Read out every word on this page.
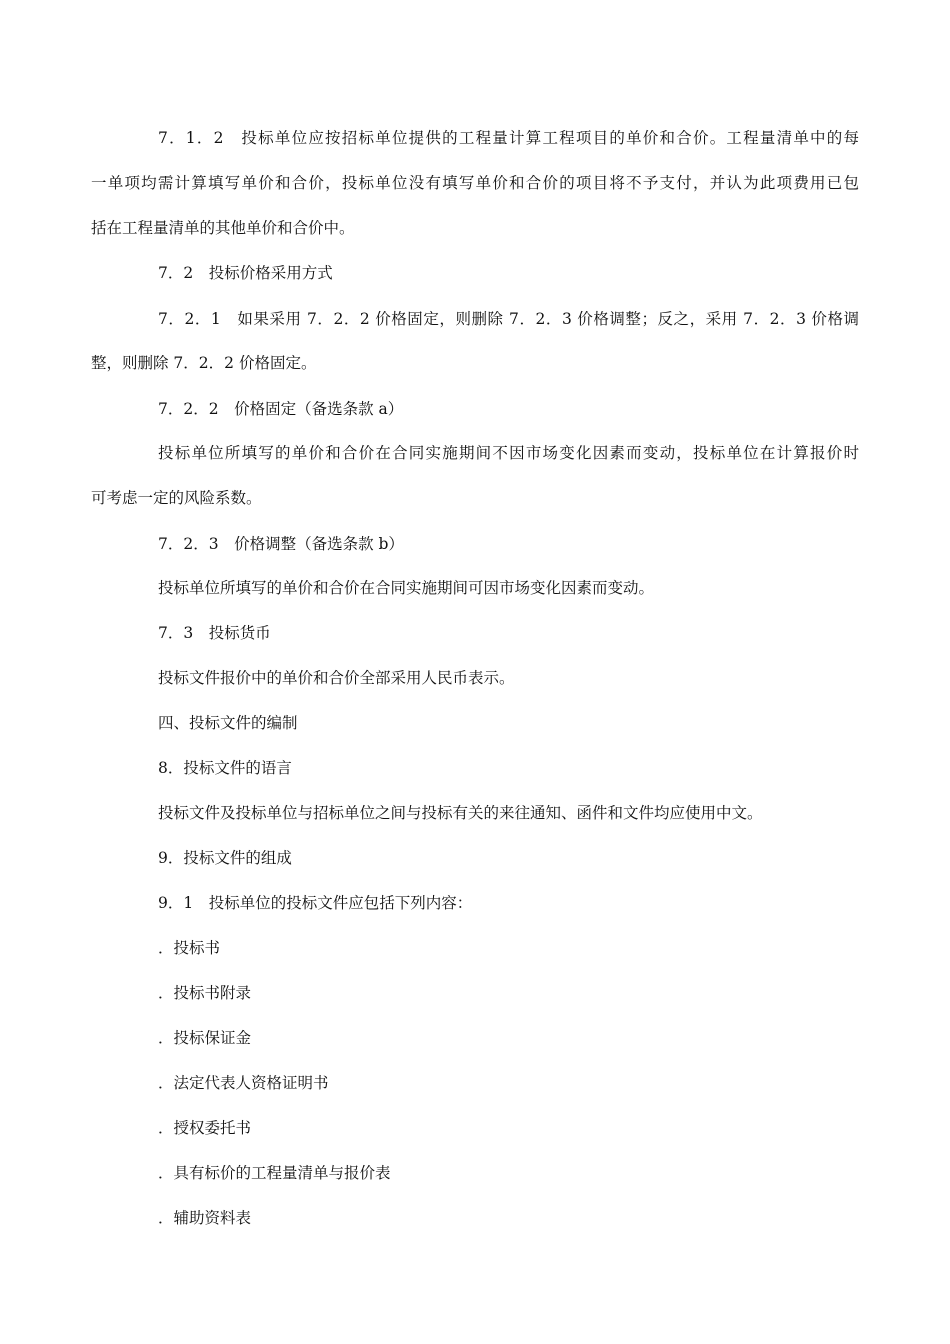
7．1．2　投标单位应按招标单位提供的工程量计算工程项目的单价和合价。工程量清单中的每
一单项均需计算填写单价和合价，投标单位没有填写单价和合价的项目将不予支付，并认为此项费用已包
括在工程量清单的其他单价和合价中。
7．2　投标价格采用方式
7．2．1　如果采用 7．2．2 价格固定，则删除 7．2．3 价格调整；反之，采用 7．2．3 价格调
整，则删除 7．2．2 价格固定。
7．2．2　价格固定（备选条款 a）
投标单位所填写的单价和合价在合同实施期间不因市场变化因素而变动，投标单位在计算报价时
可考虑一定的风险系数。
7．2．3　价格调整（备选条款 b）
投标单位所填写的单价和合价在合同实施期间可因市场变化因素而变动。
7．3　投标货币
投标文件报价中的单价和合价全部采用人民币表示。
四、投标文件的编制
8．投标文件的语言
投标文件及投标单位与招标单位之间与投标有关的来往通知、函件和文件均应使用中文。
9．投标文件的组成
9．1　投标单位的投标文件应包括下列内容：
．投标书
．投标书附录
．投标保证金
．法定代表人资格证明书
．授权委托书
．具有标价的工程量清单与报价表
．辅助资料表
